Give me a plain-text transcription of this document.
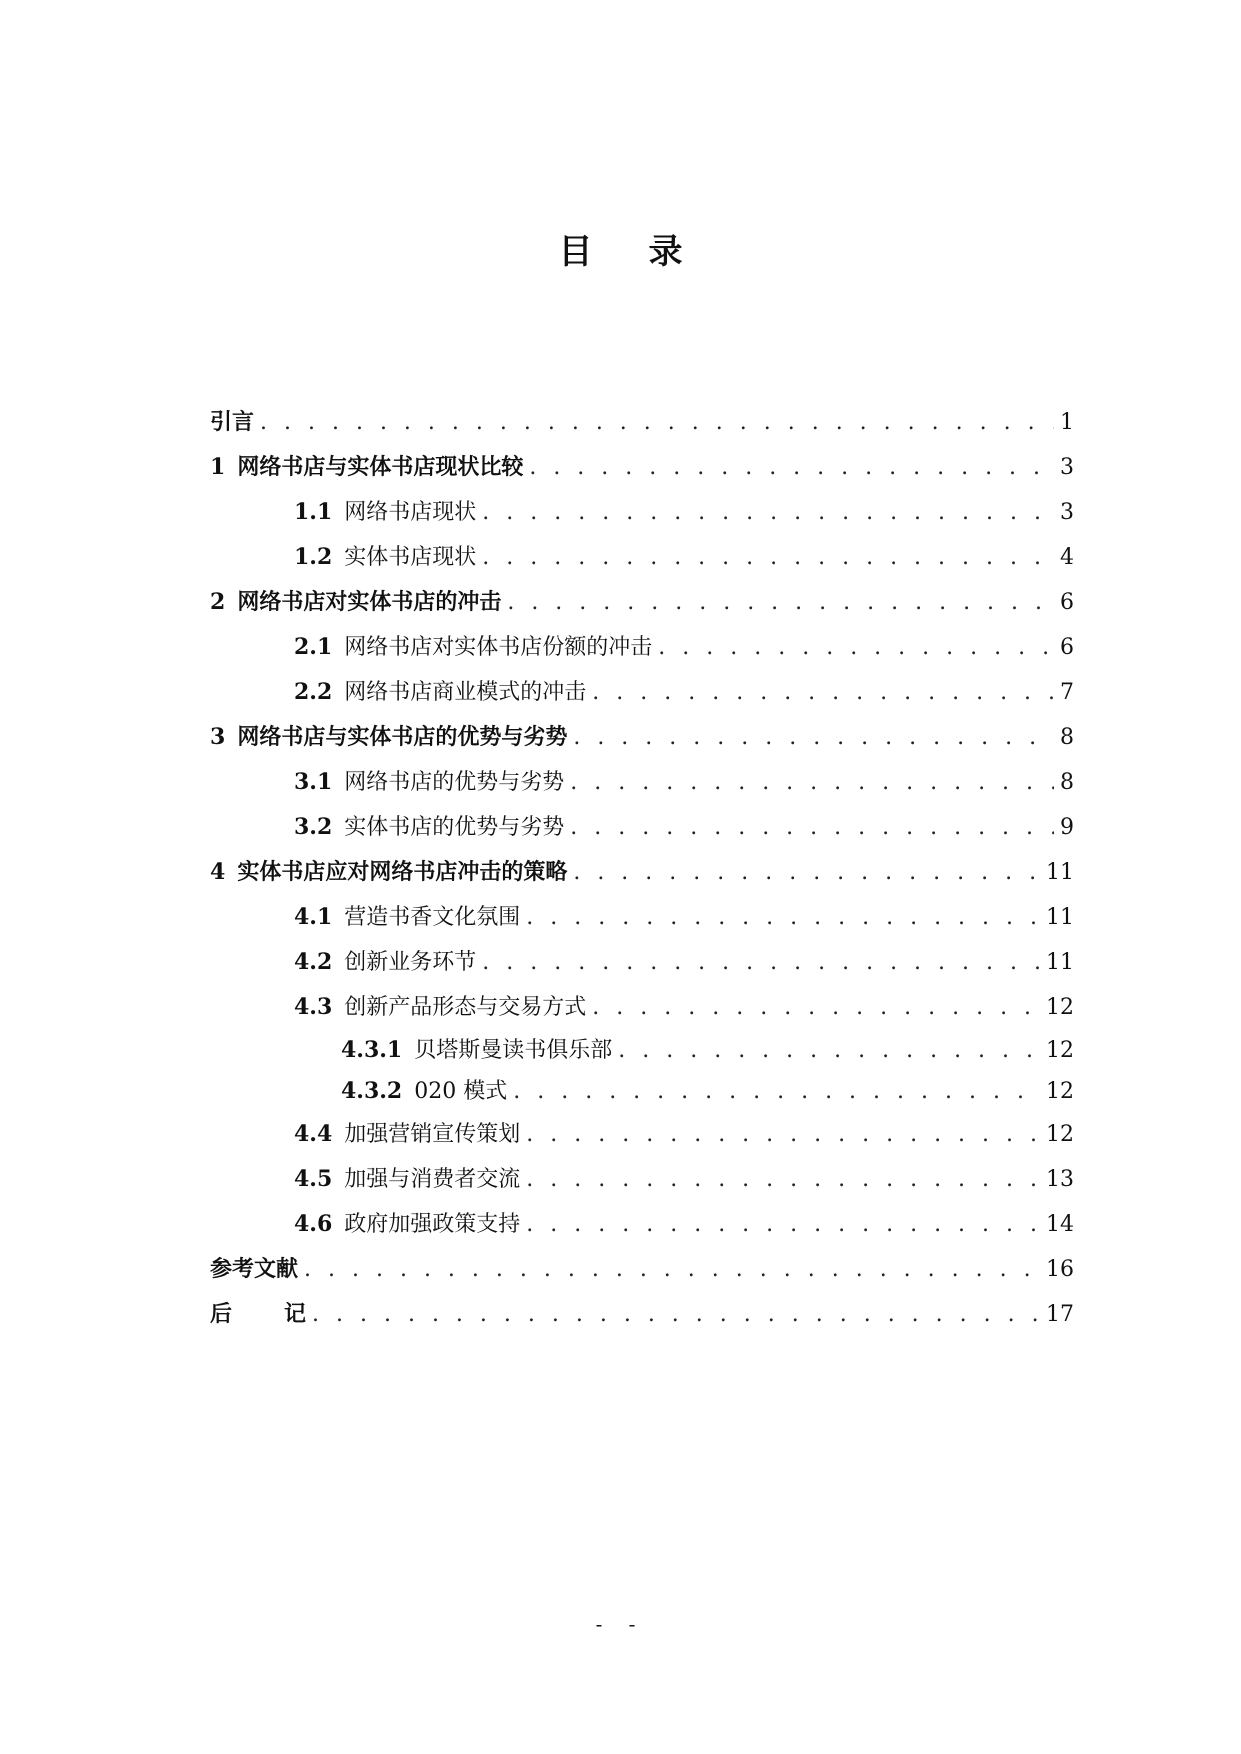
目录
引言 . . .	1
1 网络书店与实体书店现状比较 . . .	3
1.1 网络书店现状 . . .	3
1.2 实体书店现状 . . .	4
2 网络书店对实体书店的冲击 . . .	6
2.1 网络书店对实体书店份额的冲击 . . .	6
2.2 网络书店商业模式的冲击 . . .	7
3 网络书店与实体书店的优势与劣势 . . .	8
3.1 网络书店的优势与劣势 . . .	8
3.2 实体书店的优势与劣势 . . .	9
4 实体书店应对网络书店冲击的策略 . . .	11
4.1 营造书香文化氛围 . . .	11
4.2 创新业务环节 . . .	11
4.3 创新产品形态与交易方式 . . .	12
4.3.1 贝塔斯曼读书俱乐部 . . .	12
4.3.2 020 模式 . . .	12
4.4 加强营销宣传策划 . . .	12
4.5 加强与消费者交流 . . .	13
4.6 政府加强政策支持 . . .	14
参考文献 . . .	16
后记 . . .	17
- -
